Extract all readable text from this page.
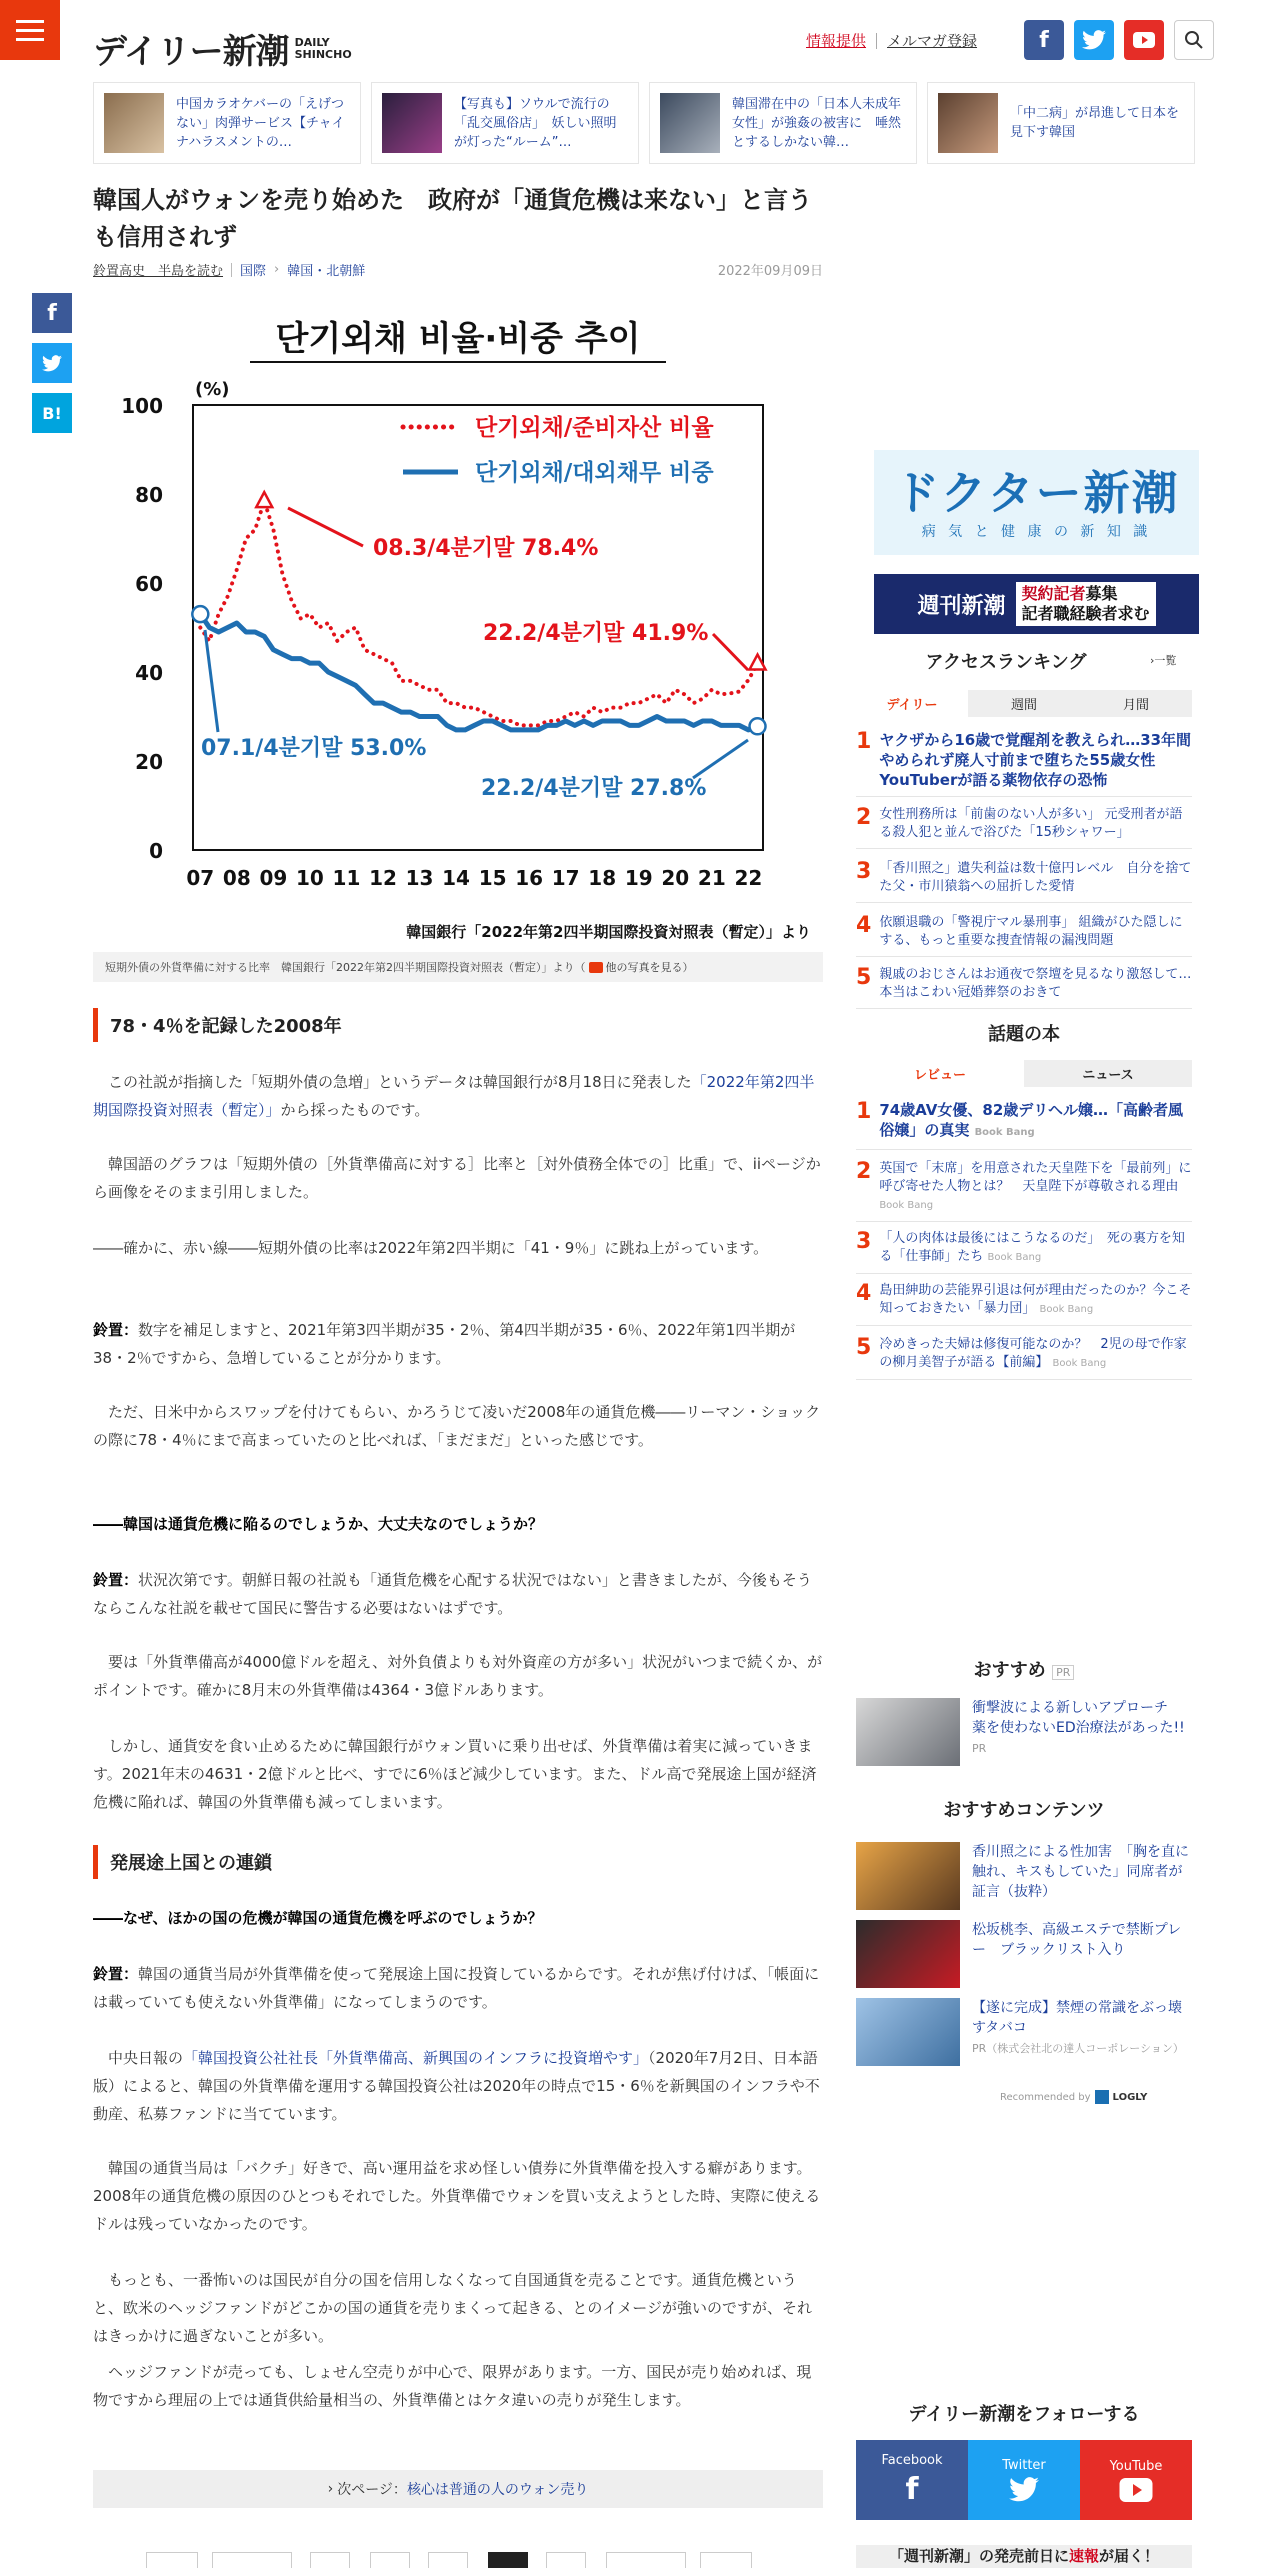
デイリー新潮 DAILY
SHINCHO
情報提供 メルマガ登録	f
中国カラオケバーの「えげつない」肉弾サービス【チャイナハラスメントの…
【写真も】ソウルで流行の「乱交風俗店」　妖しい照明が灯った“ルーム”…
韓国滞在中の「日本人未成年女性」が強姦の被害に　唾然とするしかない韓…
「中二病」が昂進して日本を見下す韓国
f
B!
韓国人がウォンを売り始めた　政府が「通貨危機は来ない」と言うも信用されず
鈴置高史　半島を読む 国際 › 韓国・北朝鮮	2022年09月09日
단기외채 비율·비중 추이
(%)
0
20
40
60
80
100
07 08 09 10 11 12 13 14 15 16 17 18 19 20 21 22
단기외채/준비자산 비율
단기외채/대외채무 비중
08.3/4분기말 78.4%
22.2/4분기말 41.9%
07.1/4분기말 53.0%
22.2/4분기말 27.8%
韓国銀行「2022年第2四半期国際投資対照表（暫定）」より
短期外債の外貨準備に対する比率　韓国銀行「2022年第2四半期国際投資対照表（暫定）」より（ 他の写真を見る ）
78・4％を記録した2008年

　この社説が指摘した「短期外債の急増」というデータは韓国銀行が8月18日に発表した「2022年第2四半期国際投資対照表（暫定）」から採ったものです。

　韓国語のグラフは「短期外債の［外貨準備高に対する］比率と［対外債務全体での］比重」で、iiページから画像をそのまま引用しました。

――確かに、赤い線――短期外債の比率は2022年第2四半期に「41・9％」に跳ね上がっています。

鈴置：数字を補足しますと、2021年第3四半期が35・2％、第4四半期が35・6％、2022年第1四半期が38・2％ですから、急増していることが分かります。

　ただ、日米中からスワップを付けてもらい、かろうじて凌いだ2008年の通貨危機――リーマン・ショックの際に78・4％にまで高まっていたのと比べれば、「まだまだ」といった感じです。

――韓国は通貨危機に陥るのでしょうか、大丈夫なのでしょうか？

鈴置：状況次第です。朝鮮日報の社説も「通貨危機を心配する状況ではない」と書きましたが、今後もそうならこんな社説を載せて国民に警告する必要はないはずです。

　要は「外貨準備高が4000億ドルを超え、対外負債よりも対外資産の方が多い」状況がいつまで続くか、がポイントです。確かに8月末の外貨準備は4364・3億ドルあります。

　しかし、通貨安を食い止めるために韓国銀行がウォン買いに乗り出せば、外貨準備は着実に減っていきます。2021年末の4631・2億ドルと比べ、すでに6％ほど減少しています。また、ドル高で発展途上国が経済危機に陥れば、韓国の外貨準備も減ってしまいます。

発展途上国との連鎖

――なぜ、ほかの国の危機が韓国の通貨危機を呼ぶのでしょうか？

鈴置：韓国の通貨当局が外貨準備を使って発展途上国に投資しているからです。それが焦げ付けば、「帳面には載っていても使えない外貨準備」になってしまうのです。

　中央日報の「韓国投資公社社長「外貨準備高、新興国のインフラに投資増やす」（2020年7月2日、日本語版）によると、韓国の外貨準備を運用する韓国投資公社は2020年の時点で15・6％を新興国のインフラや不動産、私募ファンドに当てています。

　韓国の通貨当局は「バクチ」好きで、高い運用益を求め怪しい債券に外貨準備を投入する癖があります。2008年の通貨危機の原因のひとつもそれでした。外貨準備でウォンを買い支えようとした時、実際に使えるドルは残っていなかったのです。

　もっとも、一番怖いのは国民が自分の国を信用しなくなって自国通貨を売ることです。通貨危機というと、欧米のヘッジファンドがどこかの国の通貨を売りまくって起きる、とのイメージが強いのですが、それはきっかけに過ぎないことが多い。

　ヘッジファンドが売っても、しょせん空売りが中心で、限界があります。一方、国民が売り始めれば、現物ですから理屈の上では通貨供給量相当の、外貨準備とはケタ違いの売りが発生します。

› 次ページ： 核心は普通の人のウォン売り
ドクター新潮
病 気 と 健 康 の 新 知 識
週刊新潮	契約記者募集
記者職経験者求む
アクセスランキング	›一覧
デイリー	週間	月間
1 ヤクザから16歳で覚醒剤を教えられ…33年間やめられず廃人寸前まで堕ちた55歳女性YouTuberが語る薬物依存の恐怖
2 女性刑務所は「前歯のない人が多い」 元受刑者が語る殺人犯と並んで浴びた「15秒シャワー」
3 「香川照之」遺失利益は数十億円レベル　自分を捨てた父・市川猿翁への屈折した愛情
4 依願退職の「警視庁マル暴刑事」 組織がひた隠しにする、もっと重要な捜査情報の漏洩問題
5 親戚のおじさんはお通夜で祭壇を見るなり激怒して…本当はこわい冠婚葬祭のおきて
話題の本
レビュー	ニュース
1 74歳AV女優、82歳デリヘル嬢…「高齢者風俗嬢」の真実 Book Bang
2 英国で「末席」を用意された天皇陛下を「最前列」に呼び寄せた人物とは？　天皇陛下が尊敬される理由 Book Bang
3 「人の肉体は最後にはこうなるのだ」　死の裏方を知る「仕事師」たち Book Bang
4 島田紳助の芸能界引退は何が理由だったのか？今こそ知っておきたい「暴力団」 Book Bang
5 冷めきった夫婦は修復可能なのか？　2児の母で作家の柳月美智子が語る【前編】 Book Bang
おすすめ PR
衝撃波による新しいアプローチ　薬を使わないED治療法があった!! PR
おすすめコンテンツ
香川照之による性加害　「胸を直に触れ、キスもしていた」同席者が証言（抜粋）
松坂桃李、高級エステで禁断プレー　ブラックリスト入り
【遂に完成】禁煙の常識をぶっ壊すタバコ
PR（株式会社北の達人コーポレーション）
Recommended by LOGLY
デイリー新潮をフォローする
Facebook
f
Twitter	YouTube
「週刊新潮」の発売前日に速報が届く！
